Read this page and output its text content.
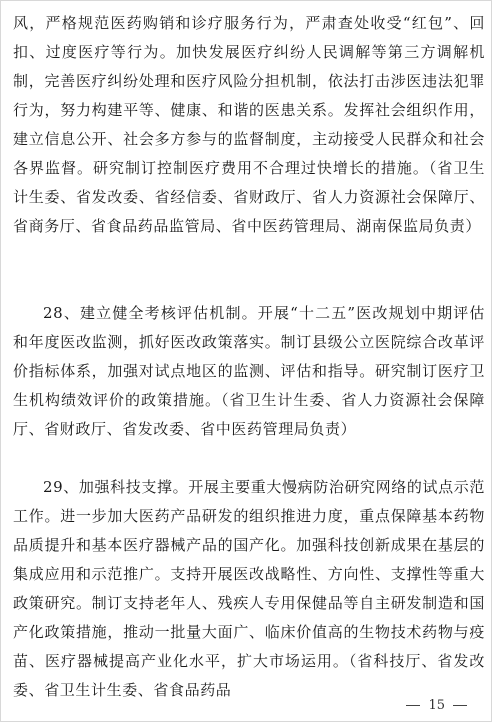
风，严格规范医药购销和诊疗服务行为，严肃查处收受“红包”、回扣、过度医疗等行为。加快发展医疗纠纷人民调解等第三方调解机制，完善医疗纠纷处理和医疗风险分担机制，依法打击涉医违法犯罪行为，努力构建平等、健康、和谐的医患关系。发挥社会组织作用，建立信息公开、社会多方参与的监督制度，主动接受人民群众和社会各界监督。研究制订控制医疗费用不合理过快增长的措施。（省卫生计生委、省发改委、省经信委、省财政厅、省人力资源社会保障厅、省商务厅、省食品药品监管局、省中医药管理局、湖南保监局负责）

28、建立健全考核评估机制。开展“十二五”医改规划中期评估和年度医改监测，抓好医改政策落实。制订县级公立医院综合改革评价指标体系，加强对试点地区的监测、评估和指导。研究制订医疗卫生机构绩效评价的政策措施。（省卫生计生委、省人力资源社会保障厅、省财政厅、省发改委、省中医药管理局负责）

29、加强科技支撑。开展主要重大慢病防治研究网络的试点示范工作。进一步加大医药产品研发的组织推进力度，重点保障基本药物品质提升和基本医疗器械产品的国产化。加强科技创新成果在基层的集成应用和示范推广。支持开展医改战略性、方向性、支撑性等重大政策研究。制订支持老年人、残疾人专用保健品等自主研发制造和国产化政策措施，推动一批量大面广、临床价值高的生物技术药物与疫苗、医疗器械提高产业化水平，扩大市场运用。（省科技厅、省发改委、省卫生计生委、省食品药品

15
